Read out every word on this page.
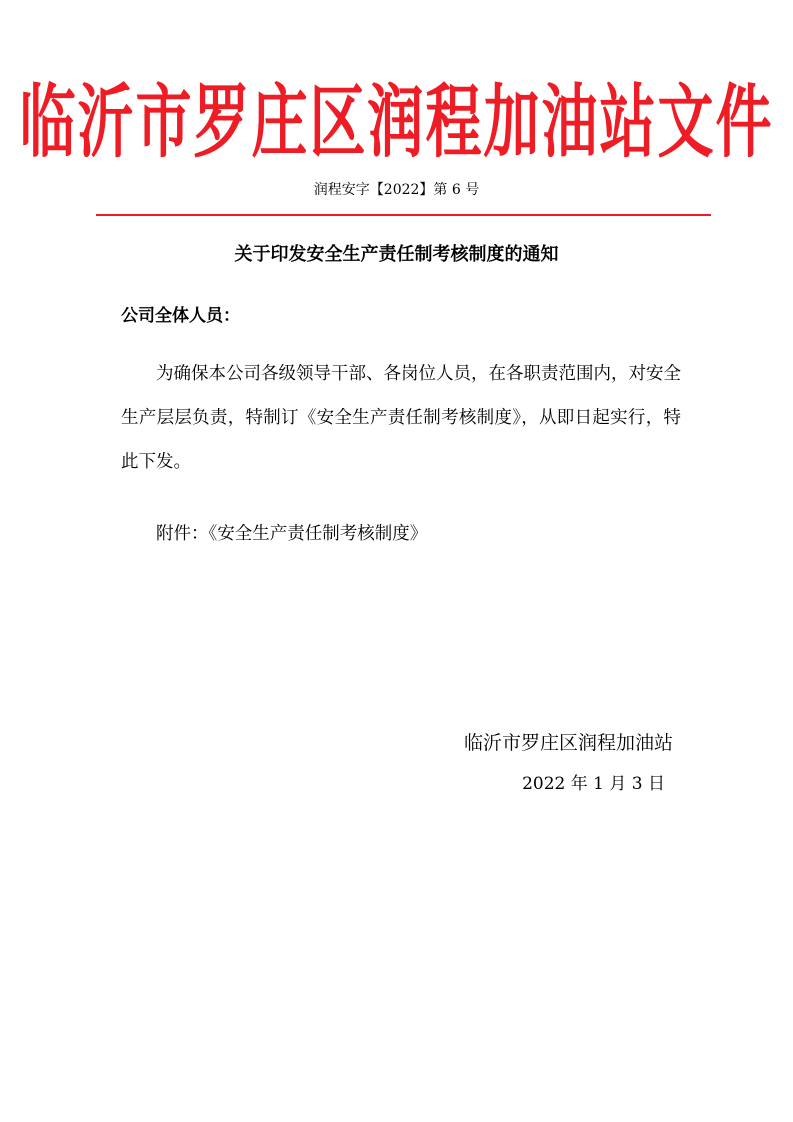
临沂市罗庄区润程加油站文件
润程安字【2022】第 6 号
关于印发安全生产责任制考核制度的通知
公司全体人员：
为确保本公司各级领导干部、各岗位人员，在各职责范围内，对安全生产层层负责，特制订《安全生产责任制考核制度》，从即日起实行，特此下发。
附件：《安全生产责任制考核制度》
临沂市罗庄区润程加油站
2022 年 1 月 3 日
